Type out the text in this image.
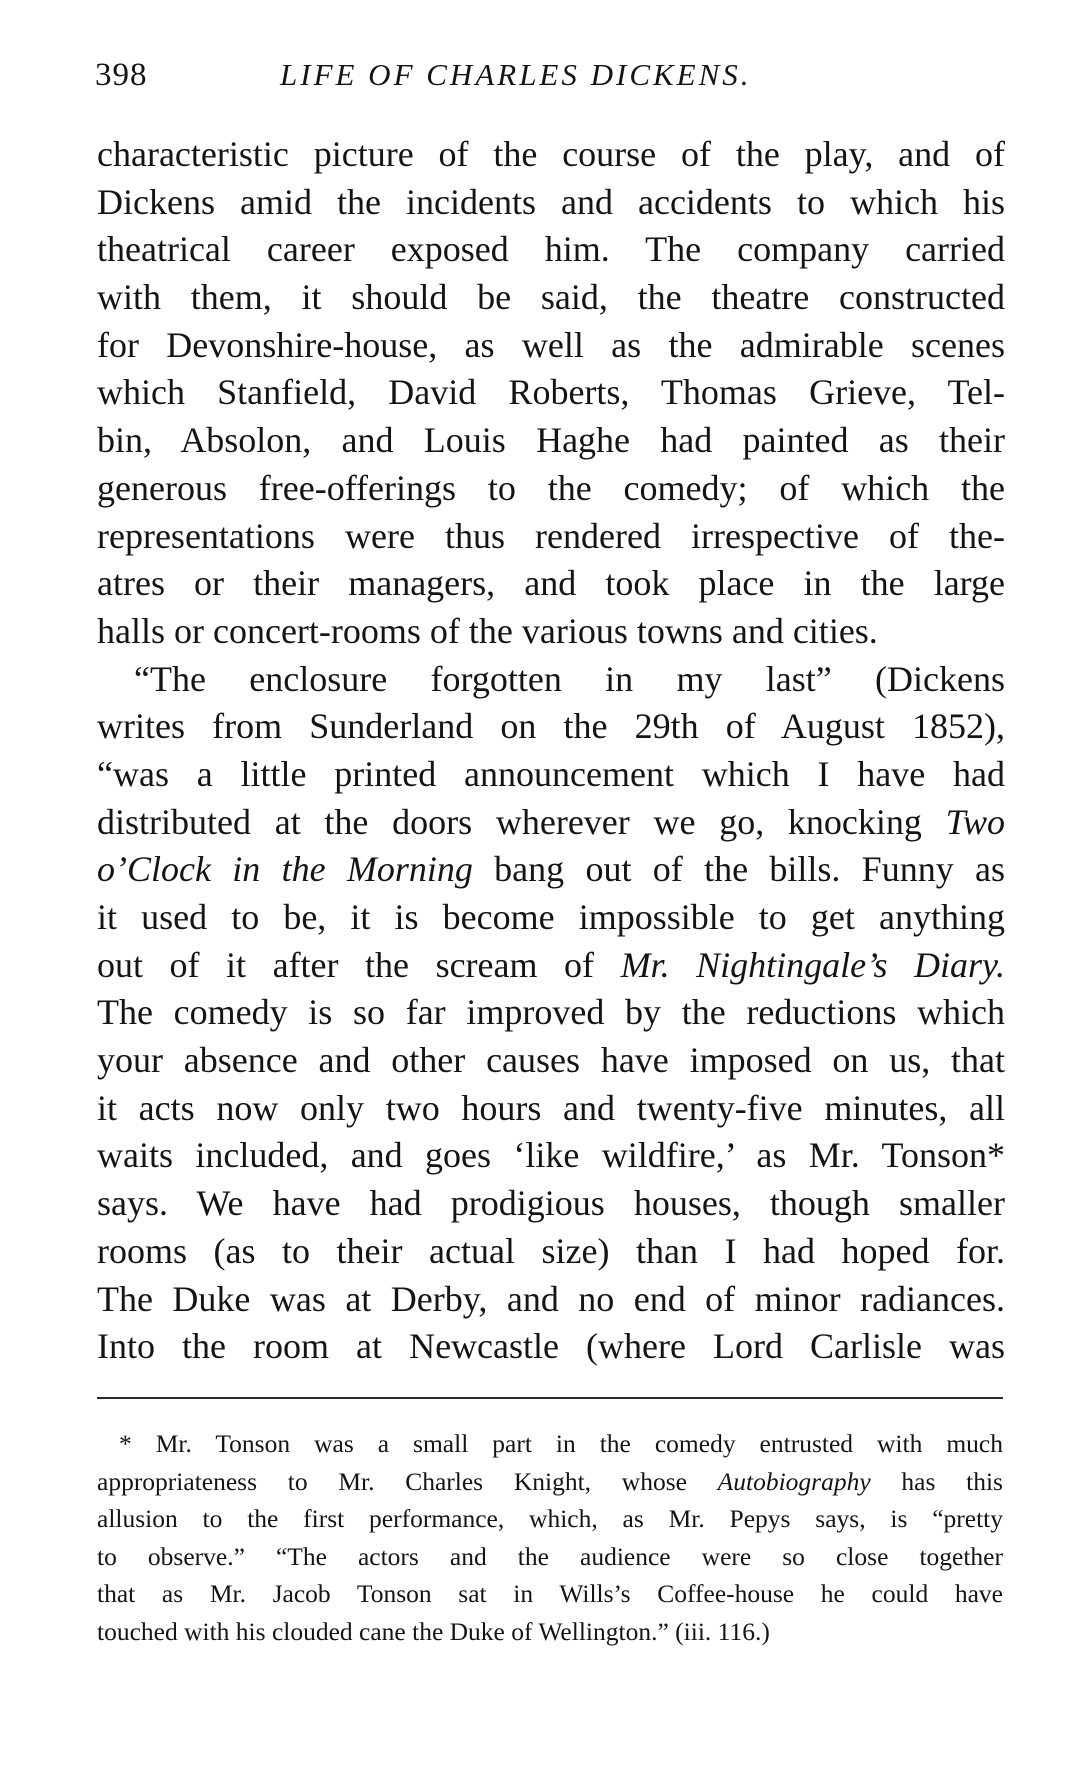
398	LIFE OF CHARLES DICKENS.
characteristic picture of the course of the play, and of
Dickens amid the incidents and accidents to which his
theatrical career exposed him. The company carried
with them, it should be said, the theatre constructed
for Devonshire-house, as well as the admirable scenes
which Stanfield, David Roberts, Thomas Grieve, Tel-
bin, Absolon, and Louis Haghe had painted as their
generous free-offerings to the comedy; of which the
representations were thus rendered irrespective of the-
atres or their managers, and took place in the large
halls or concert-rooms of the various towns and cities.
“The enclosure forgotten in my last” (Dickens
writes from Sunderland on the 29th of August 1852),
“was a little printed announcement which I have had
distributed at the doors wherever we go, knocking Two
o’Clock in the Morning bang out of the bills. Funny as
it used to be, it is become impossible to get anything
out of it after the scream of Mr. Nightingale’s Diary.
The comedy is so far improved by the reductions which
your absence and other causes have imposed on us, that
it acts now only two hours and twenty-five minutes, all
waits included, and goes ‘like wildfire,’ as Mr. Tonson*
says. We have had prodigious houses, though smaller
rooms (as to their actual size) than I had hoped for.
The Duke was at Derby, and no end of minor radiances.
Into the room at Newcastle (where Lord Carlisle was
* Mr. Tonson was a small part in the comedy entrusted with much
appropriateness to Mr. Charles Knight, whose Autobiography has this
allusion to the first performance, which, as Mr. Pepys says, is “pretty
to observe.” “The actors and the audience were so close together
that as Mr. Jacob Tonson sat in Wills’s Coffee-house he could have
touched with his clouded cane the Duke of Wellington.” (iii. 116.)
